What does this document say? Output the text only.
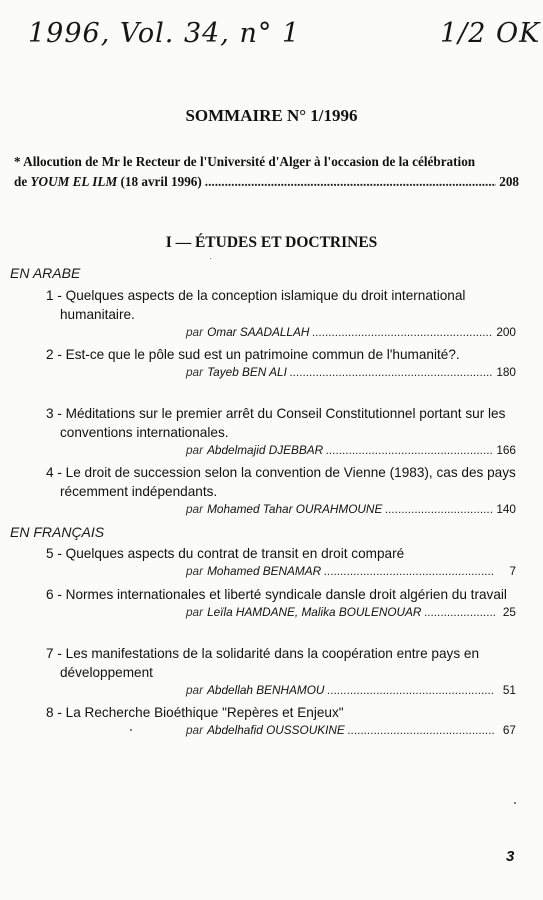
1996, Vol. 34, n° 1	1/2 OK
SOMMAIRE N° 1/1996
* Allocution de Mr le Recteur de l'Université d'Alger à l'occasion de la célébration
de
YOUM EL ILM
(18 avril 1996) .....	208
I — ÉTUDES ET DOCTRINES
EN ARABE
EN FRANÇAIS
1 - Quelques aspects de la conception islamique du droit international humanitaire.
par Omar SAADALLAH .....	200
2 - Est-ce que le pôle sud est un patrimoine commun de l'humanité?.
par Tayeb BEN ALI .....	180
3 - Méditations sur le premier arrêt du Conseil Constitutionnel portant sur les conventions internationales.
par Abdelmajid DJEBBAR .....	166
4 - Le droit de succession selon la convention de Vienne (1983), cas des pays récemment indépendants.
par Mohamed Tahar OURAHMOUNE .....	140
5 - Quelques aspects du contrat de transit en droit comparé
par Mohamed BENAMAR .....	7
6 - Normes internationales et liberté syndicale dansle droit algérien du travail
par Leïla HAMDANE, Malika BOULENOUAR .....	25
7 - Les manifestations de la solidarité dans la coopération entre pays en développement
par Abdellah BENHAMOU .....	51
8 - La Recherche Bioéthique "Repères et Enjeux"
par Abdelhafid OUSSOUKINE .....	67
3
